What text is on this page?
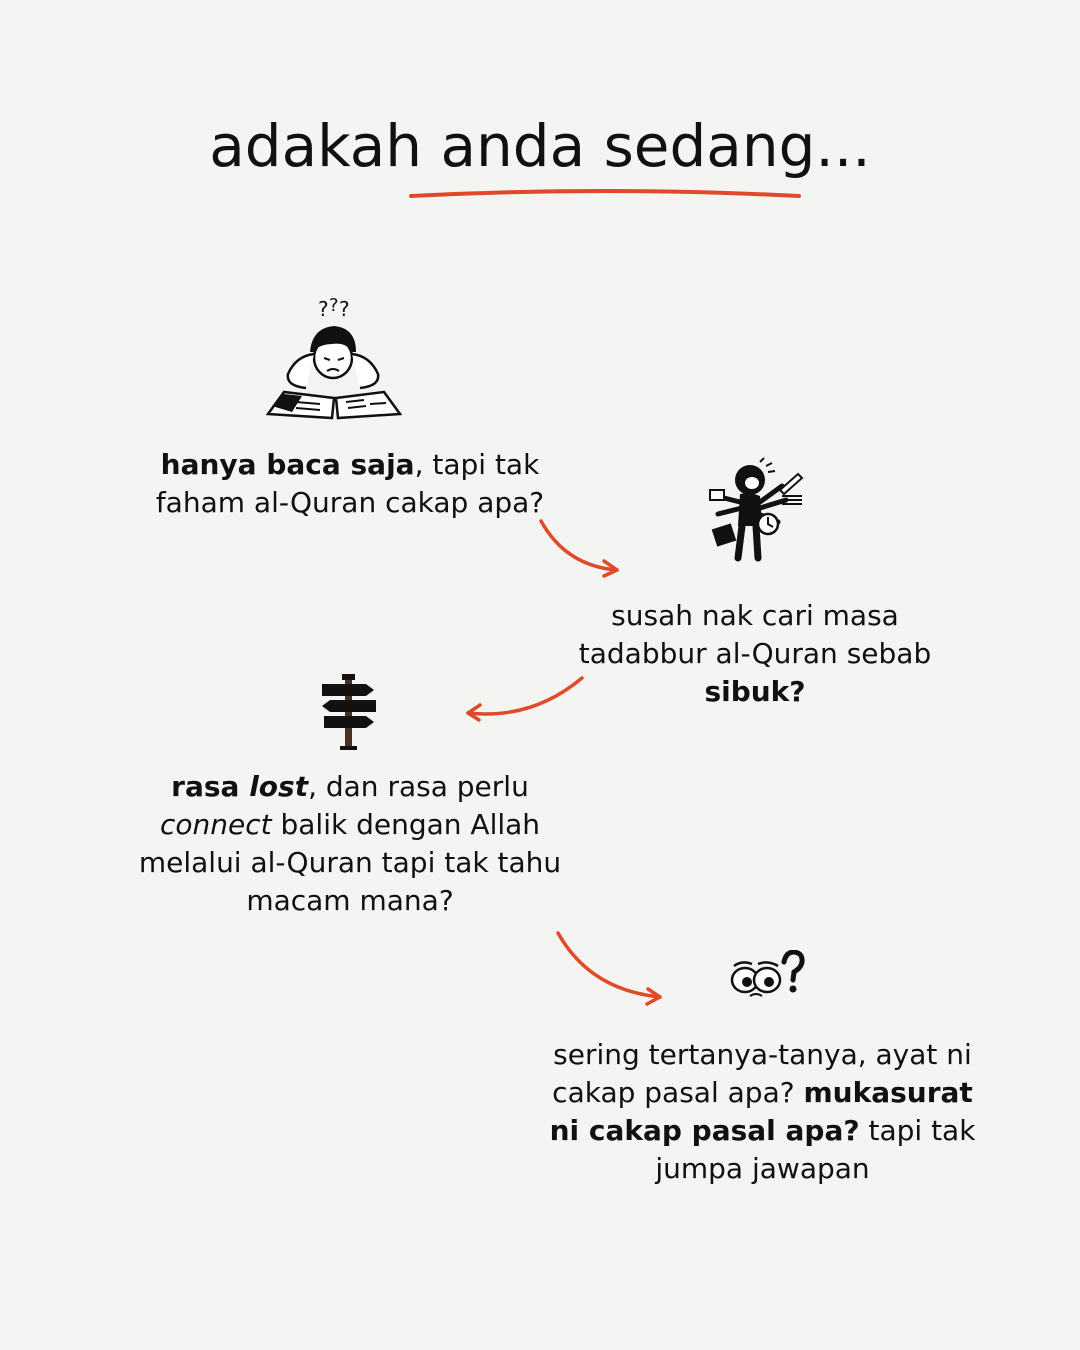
adakah anda sedang...
? ? ?

hanya baca saja, tapi tak faham al-Quran cakap apa?

susah nak cari masa tadabbur al-Quran sebab sibuk?

rasa lost, dan rasa perlu connect balik dengan Allah melalui al-Quran tapi tak tahu macam mana?

sering tertanya-tanya, ayat ni cakap pasal apa? mukasurat ni cakap pasal apa? tapi tak jumpa jawapan
